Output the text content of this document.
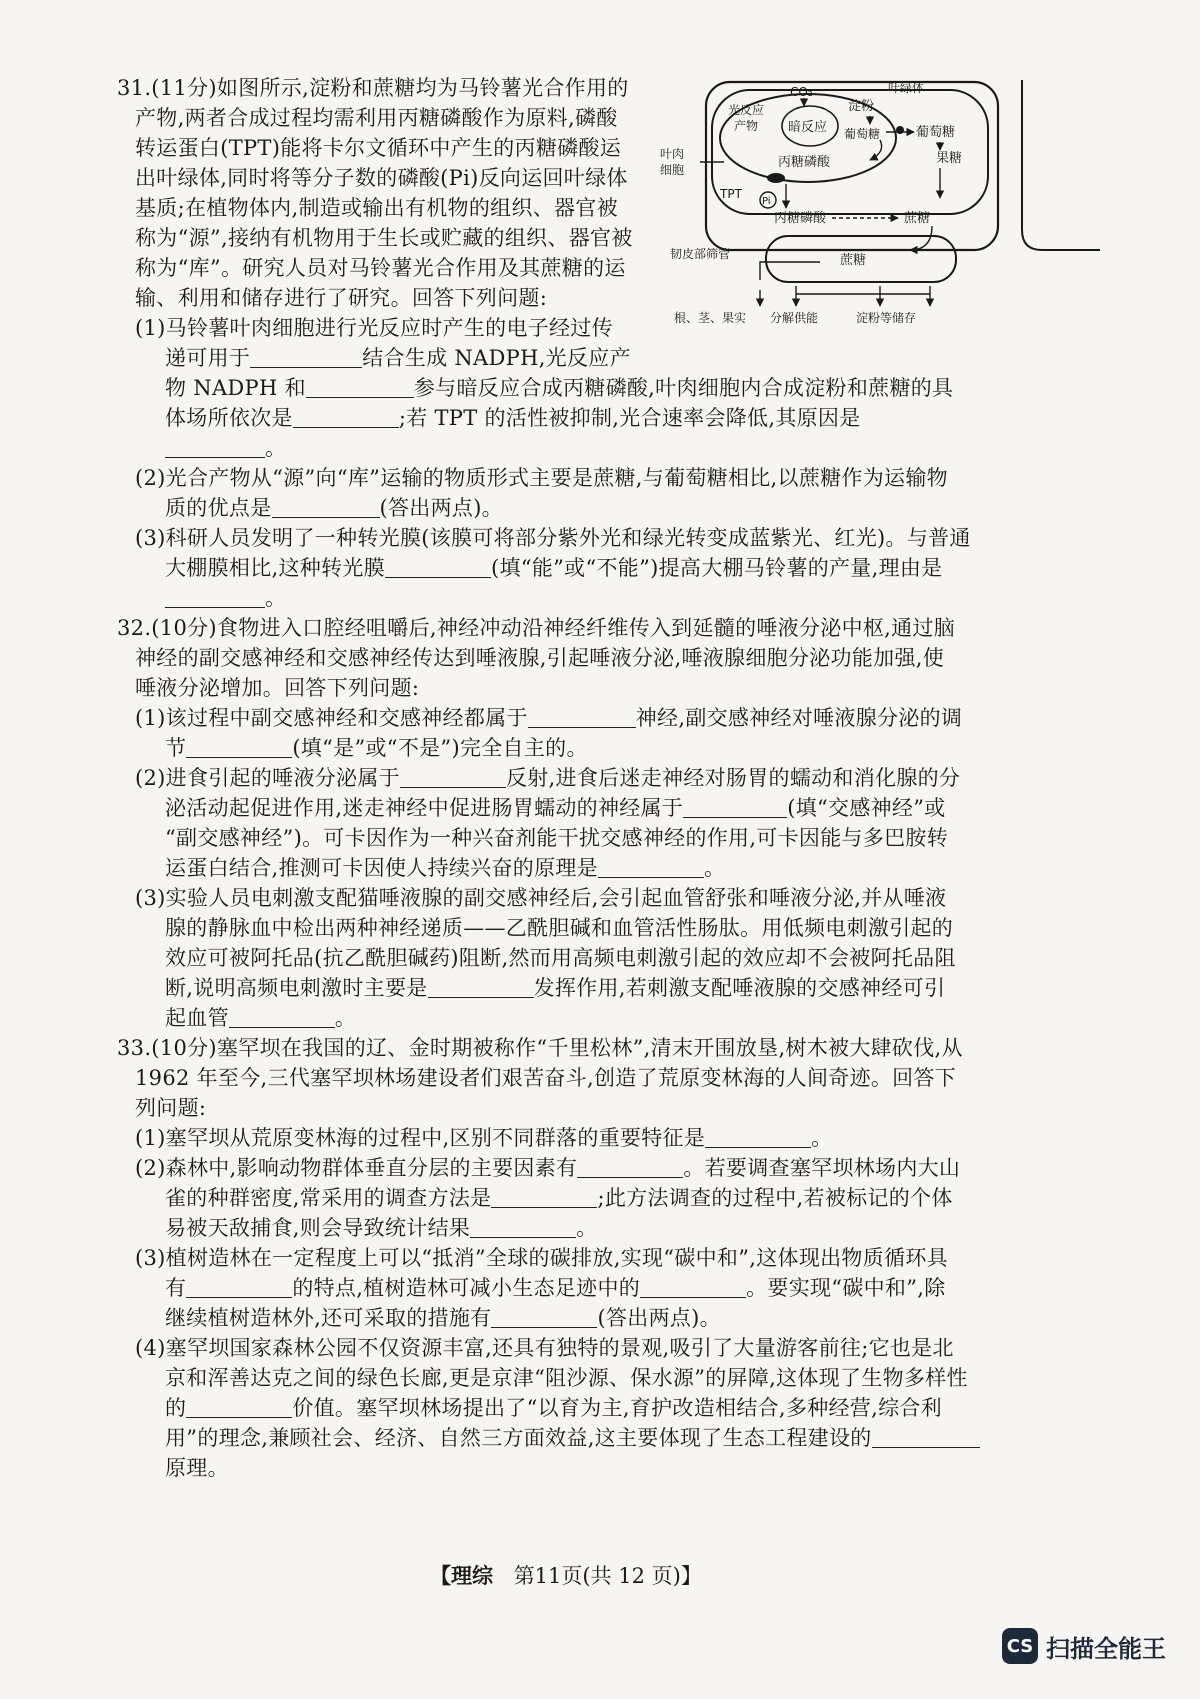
31.(11分)如图所示,淀粉和蔗糖均为马铃薯光合作用的
产物,两者合成过程均需利用丙糖磷酸作为原料,磷酸
转运蛋白(TPT)能将卡尔文循环中产生的丙糖磷酸运
出叶绿体,同时将等分子数的磷酸(Pi)反向运回叶绿体
基质;在植物体内,制造或输出有机物的组织、器官被
称为“源”,接纳有机物用于生长或贮藏的组织、器官被
称为“库”。研究人员对马铃薯光合作用及其蔗糖的运
输、利用和储存进行了研究。回答下列问题:
(1)马铃薯叶肉细胞进行光反应时产生的电子经过传
递可用于	结合生成 NADPH,光反应产
物 NADPH 和	参与暗反应合成丙糖磷酸,叶肉细胞内合成淀粉和蔗糖的具
体场所依次是	;若 TPT 的活性被抑制,光合速率会降低,其原因是
。
(2)光合产物从“源”向“库”运输的物质形式主要是蔗糖,与葡萄糖相比,以蔗糖作为运输物
质的优点是	(答出两点)。
(3)科研人员发明了一种转光膜(该膜可将部分紫外光和绿光转变成蓝紫光、红光)。与普通
大棚膜相比,这种转光膜	(填“能”或“不能”)提高大棚马铃薯的产量,理由是
。
CO₂	叶绿体
光反应
产物 暗反应
淀粉
葡萄糖	葡萄糖
果糖
丙糖磷酸
丙糖磷酸	蔗糖
叶肉
细胞
TPT
Pi
韧皮部筛管	蔗糖
根、茎、果实 分解供能	淀粉等储存
32.(10分)食物进入口腔经咀嚼后,神经冲动沿神经纤维传入到延髓的唾液分泌中枢,通过脑
神经的副交感神经和交感神经传达到唾液腺,引起唾液分泌,唾液腺细胞分泌功能加强,使
唾液分泌增加。回答下列问题:
(1)该过程中副交感神经和交感神经都属于	神经,副交感神经对唾液腺分泌的调
节	(填“是”或“不是”)完全自主的。
(2)进食引起的唾液分泌属于	反射,进食后迷走神经对肠胃的蠕动和消化腺的分
泌活动起促进作用,迷走神经中促进肠胃蠕动的神经属于	(填“交感神经”或
“副交感神经”)。可卡因作为一种兴奋剂能干扰交感神经的作用,可卡因能与多巴胺转
运蛋白结合,推测可卡因使人持续兴奋的原理是	。
(3)实验人员电刺激支配猫唾液腺的副交感神经后,会引起血管舒张和唾液分泌,并从唾液
腺的静脉血中检出两种神经递质——乙酰胆碱和血管活性肠肽。用低频电刺激引起的
效应可被阿托品(抗乙酰胆碱药)阻断,然而用高频电刺激引起的效应却不会被阿托品阻
断,说明高频电刺激时主要是	发挥作用,若刺激支配唾液腺的交感神经可引
起血管	。
33.(10分)塞罕坝在我国的辽、金时期被称作“千里松林”,清末开围放垦,树木被大肆砍伐,从
1962 年至今,三代塞罕坝林场建设者们艰苦奋斗,创造了荒原变林海的人间奇迹。回答下
列问题:
(1)塞罕坝从荒原变林海的过程中,区别不同群落的重要特征是	。
(2)森林中,影响动物群体垂直分层的主要因素有	。若要调查塞罕坝林场内大山
雀的种群密度,常采用的调查方法是	;此方法调查的过程中,若被标记的个体
易被天敌捕食,则会导致统计结果	。
(3)植树造林在一定程度上可以“抵消”全球的碳排放,实现“碳中和”,这体现出物质循环具
有	的特点,植树造林可减小生态足迹中的	。要实现“碳中和”,除
继续植树造林外,还可采取的措施有	(答出两点)。
(4)塞罕坝国家森林公园不仅资源丰富,还具有独特的景观,吸引了大量游客前往;它也是北
京和浑善达克之间的绿色长廊,更是京津“阻沙源、保水源”的屏障,这体现了生物多样性
的	价值。塞罕坝林场提出了“以育为主,育护改造相结合,多种经营,综合利
用”的理念,兼顾社会、经济、自然三方面效益,这主要体现了生态工程建设的
原理。
【理综 第11页(共 12 页)】
CS 扫描全能王
